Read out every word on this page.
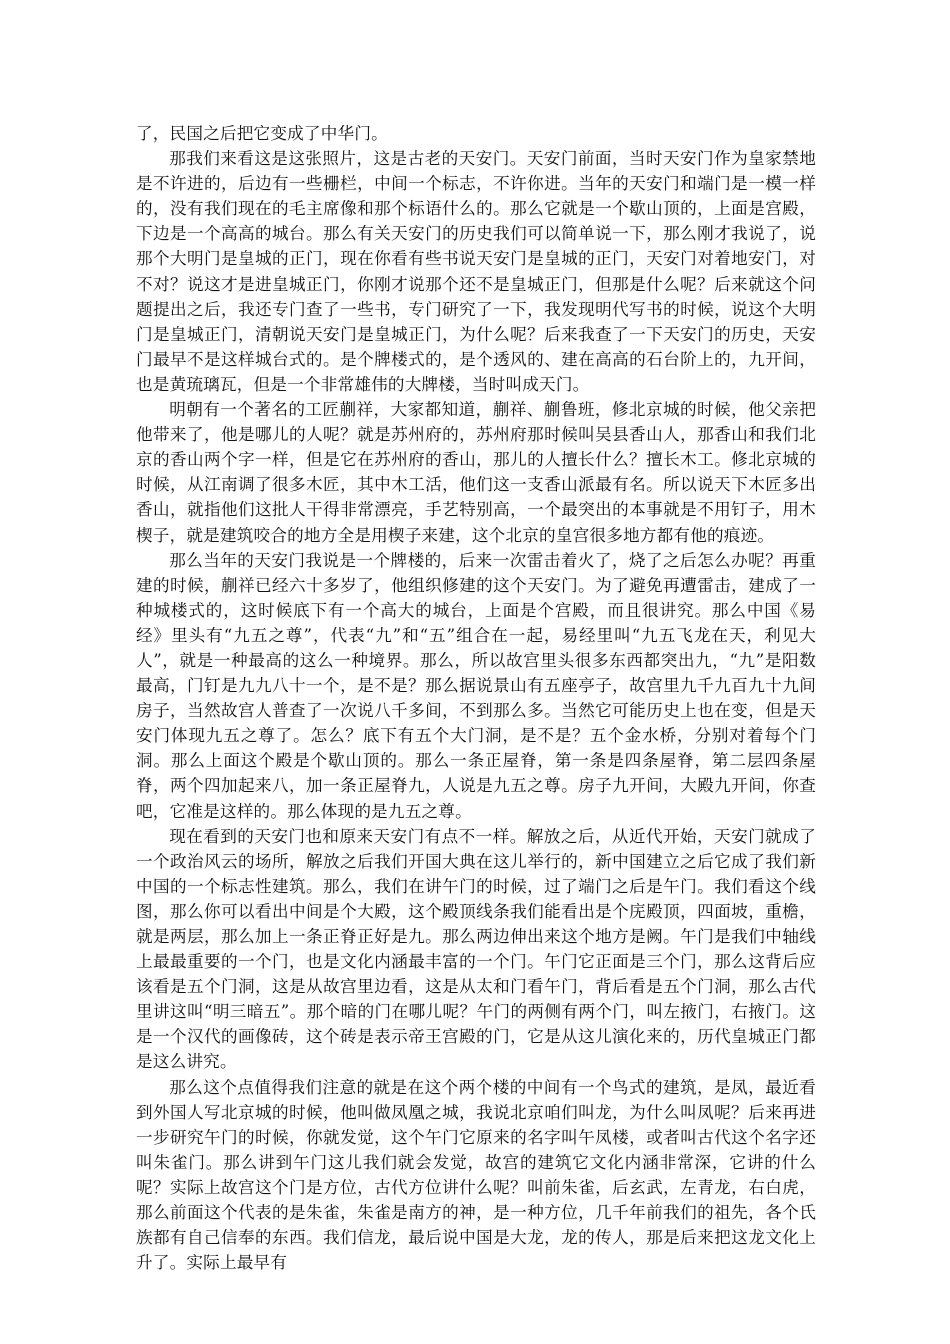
了，民国之后把它变成了中华门。

那我们来看这是这张照片，这是古老的天安门。天安门前面，当时天安门作为皇家禁地是不许进的，后边有一些栅栏，中间一个标志，不许你进。当年的天安门和端门是一模一样的，没有我们现在的毛主席像和那个标语什么的。那么它就是一个歇山顶的，上面是宫殿，下边是一个高高的城台。那么有关天安门的历史我们可以简单说一下，那么刚才我说了，说那个大明门是皇城的正门，现在你看有些书说天安门是皇城的正门，天安门对着地安门，对不对？说这才是进皇城正门，你刚才说那个还不是皇城正门，但那是什么呢？后来就这个问题提出之后，我还专门查了一些书，专门研究了一下，我发现明代写书的时候，说这个大明门是皇城正门，清朝说天安门是皇城正门，为什么呢？后来我查了一下天安门的历史，天安门最早不是这样城台式的。是个牌楼式的，是个透风的、建在高高的石台阶上的，九开间，也是黄琉璃瓦，但是一个非常雄伟的大牌楼，当时叫成天门。

明朝有一个著名的工匠蒯祥，大家都知道，蒯祥、蒯鲁班，修北京城的时候，他父亲把他带来了，他是哪儿的人呢？就是苏州府的，苏州府那时候叫吴县香山人，那香山和我们北京的香山两个字一样，但是它在苏州府的香山，那儿的人擅长什么？擅长木工。修北京城的时候，从江南调了很多木匠，其中木工活，他们这一支香山派最有名。所以说天下木匠多出香山，就指他们这批人干得非常漂亮，手艺特别高，一个最突出的本事就是不用钉子，用木楔子，就是建筑咬合的地方全是用楔子来建，这个北京的皇宫很多地方都有他的痕迹。

那么当年的天安门我说是一个牌楼的，后来一次雷击着火了，烧了之后怎么办呢？再重建的时候，蒯祥已经六十多岁了，他组织修建的这个天安门。为了避免再遭雷击，建成了一种城楼式的，这时候底下有一个高大的城台，上面是个宫殿，而且很讲究。那么中国《易经》里头有“九五之尊”，代表“九”和“五”组合在一起，易经里叫“九五飞龙在天，利见大人”，就是一种最高的这么一种境界。那么，所以故宫里头很多东西都突出九，“九”是阳数最高，门钉是九九八十一个，是不是？那么据说景山有五座亭子，故宫里九千九百九十九间房子，当然故宫人普查了一次说八千多间，不到那么多。当然它可能历史上也在变，但是天安门体现九五之尊了。怎么？底下有五个大门洞，是不是？五个金水桥，分别对着每个门洞。那么上面这个殿是个歇山顶的。那么一条正屋脊，第一条是四条屋脊，第二层四条屋脊，两个四加起来八，加一条正屋脊九，人说是九五之尊。房子九开间，大殿九开间，你查吧，它准是这样的。那么体现的是九五之尊。

现在看到的天安门也和原来天安门有点不一样。解放之后，从近代开始，天安门就成了一个政治风云的场所，解放之后我们开国大典在这儿举行的，新中国建立之后它成了我们新中国的一个标志性建筑。那么，我们在讲午门的时候，过了端门之后是午门。我们看这个线图，那么你可以看出中间是个大殿，这个殿顶线条我们能看出是个庑殿顶，四面坡，重檐，就是两层，那么加上一条正脊正好是九。那么两边伸出来这个地方是阙。午门是我们中轴线上最最重要的一个门，也是文化内涵最丰富的一个门。午门它正面是三个门，那么这背后应该看是五个门洞，这是从故宫里边看，这是从太和门看午门，背后看是五个门洞，那么古代里讲这叫“明三暗五”。那个暗的门在哪儿呢？午门的两侧有两个门，叫左掖门，右掖门。这是一个汉代的画像砖，这个砖是表示帝王宫殿的门，它是从这儿演化来的，历代皇城正门都是这么讲究。

那么这个点值得我们注意的就是在这个两个楼的中间有一个鸟式的建筑，是凤，最近看到外国人写北京城的时候，他叫做凤凰之城，我说北京咱们叫龙，为什么叫凤呢？后来再进一步研究午门的时候，你就发觉，这个午门它原来的名字叫午凤楼，或者叫古代这个名字还叫朱雀门。那么讲到午门这儿我们就会发觉，故宫的建筑它文化内涵非常深，它讲的什么呢？实际上故宫这个门是方位，古代方位讲什么呢？叫前朱雀，后玄武，左青龙，右白虎，那么前面这个代表的是朱雀，朱雀是南方的神，是一种方位，几千年前我们的祖先，各个氏族都有自己信奉的东西。我们信龙，最后说中国是大龙，龙的传人，那是后来把这龙文化上升了。实际上最早有
